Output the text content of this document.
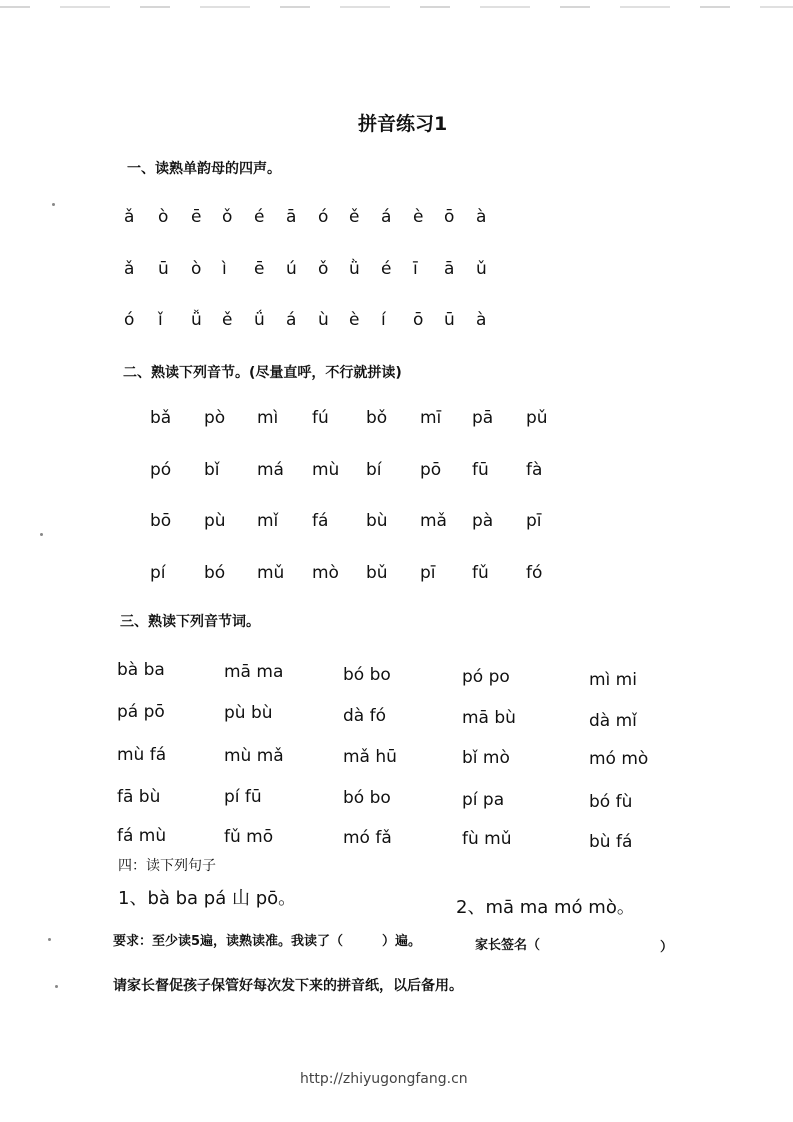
拼音练习1
一、读熟单韵母的四声。
ǎ ò ē ǒ é ā ó ě á è ō à
ǎ ū ò ì ē ú ǒ ǜ é ī ā ǔ
ó ǐ ǚ ě ǘ á ù è í ō ū à
二、熟读下列音节。(尽量直呼，不行就拼读)
bǎ pò mì fú bǒ mī pā pǔ
pó bǐ má mù bí pō fū fà
bō pù mǐ fá bù mǎ pà pī
pí bó mǔ mò bǔ pī fǔ fó
三、熟读下列音节词。
bà ba	mā ma	bó bo	pó po	mì mi
pá pō	pù bù	dà fó	mā bù	dà mǐ
mù fá	mù mǎ	mǎ hū	bǐ mò	mó mò
fā bù	pí fū	bó bo	pí pa	bó fù
fá mù	fǔ mō	mó fǎ	fù mǔ	bù fá
四：读下列句子
1、bà ba pá 山 pō。	2、mā ma mó mò。
要求：至少读5遍，读熟读准。我读了（　　　）遍。	家长签名（	）
请家长督促孩子保管好每次发下来的拼音纸，以后备用。
http://zhiyugongfang.cn
